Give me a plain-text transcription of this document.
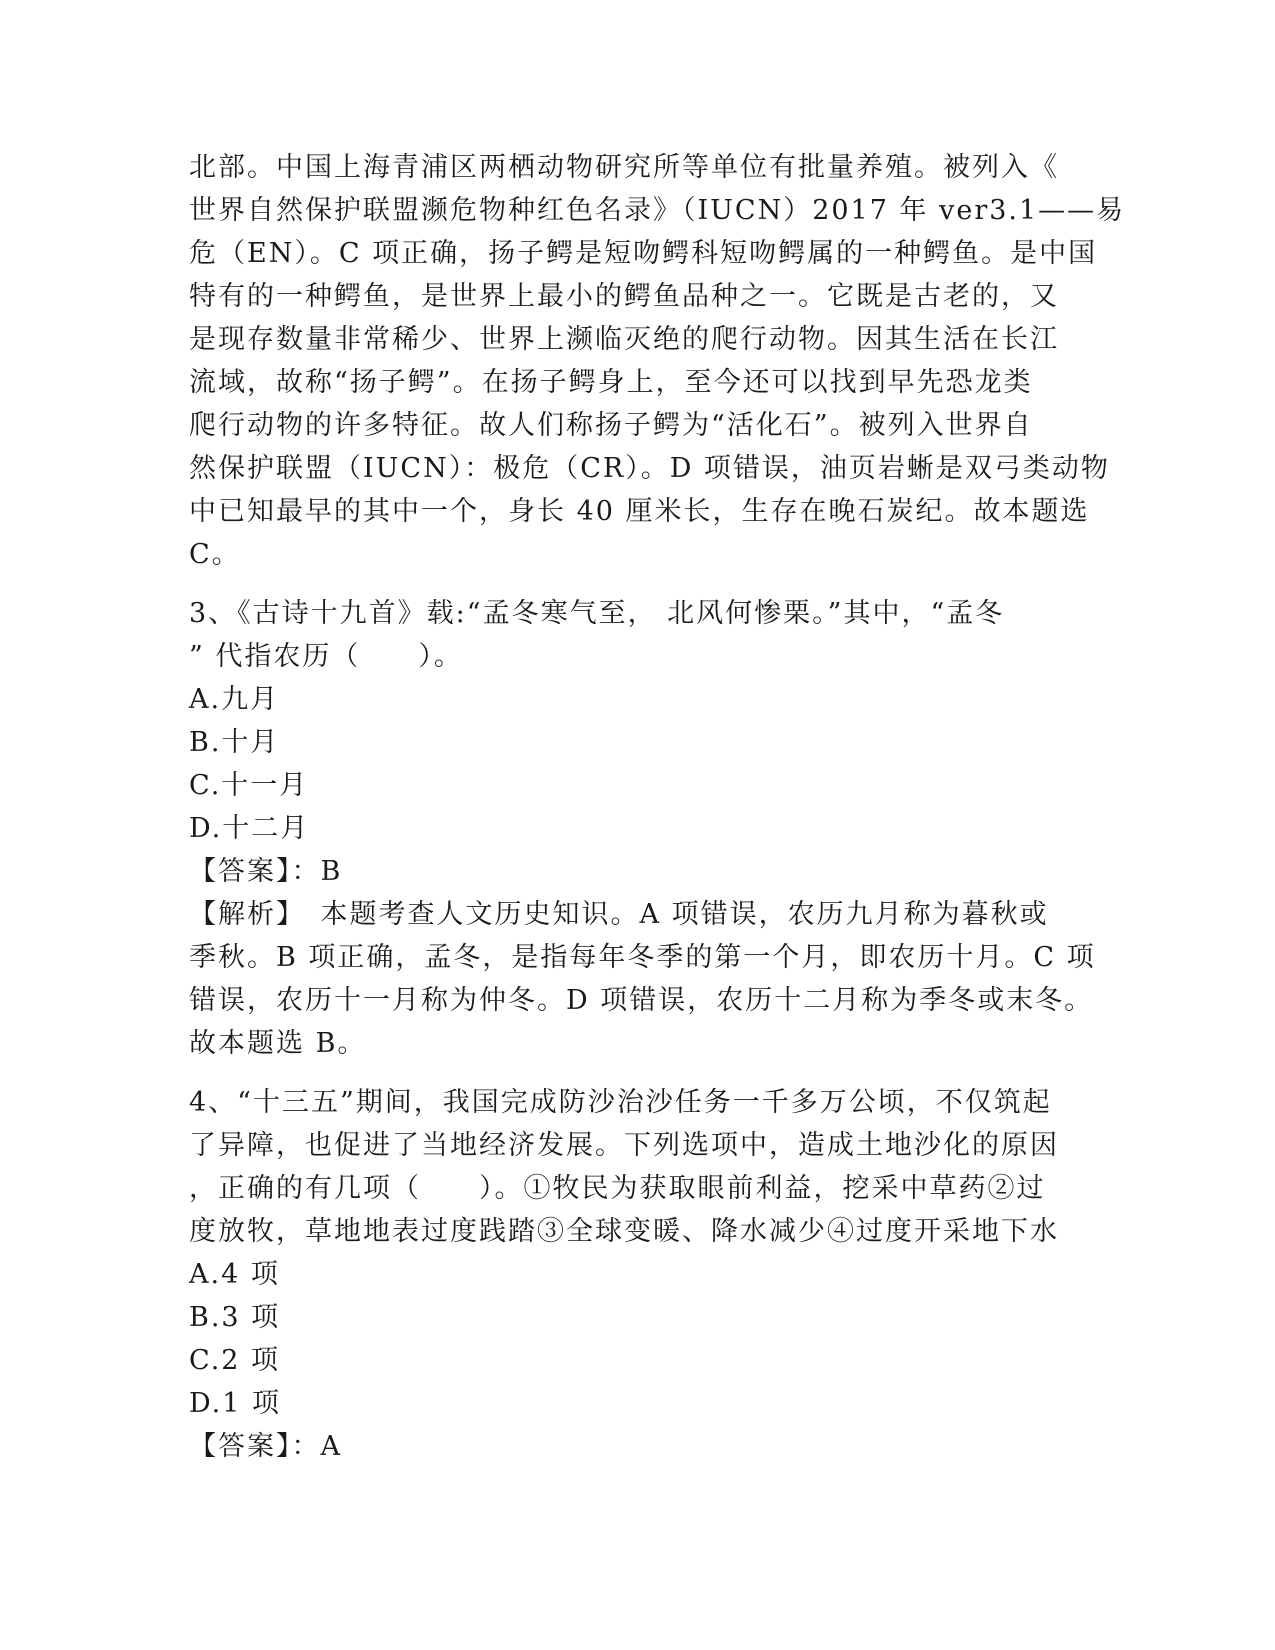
北部。中国上海青浦区两栖动物研究所等单位有批量养殖。被列入《
世界自然保护联盟濒危物种红色名录》（IUCN）2017 年 ver3.1——易
危（EN）。C 项正确，扬子鳄是短吻鳄科短吻鳄属的一种鳄鱼。是中国
特有的一种鳄鱼，是世界上最小的鳄鱼品种之一。它既是古老的，又
是现存数量非常稀少、世界上濒临灭绝的爬行动物。因其生活在长江
流域，故称“扬子鳄”。在扬子鳄身上，至今还可以找到早先恐龙类
爬行动物的许多特征。故人们称扬子鳄为“活化石”。被列入世界自
然保护联盟（IUCN）：极危（CR）。D 项错误，油页岩蜥是双弓类动物
中已知最早的其中一个，身长 40 厘米长，生存在晚石炭纪。故本题选
C。
3、《古诗十九首》载:“孟冬寒气至， 北风何惨栗。”其中，“孟冬
” 代指农历（　　）。
A.九月
B.十月
C.十一月
D.十二月
【答案】：B
【解析】　本题考查人文历史知识。A 项错误，农历九月称为暮秋或
季秋。B 项正确，孟冬，是指每年冬季的第一个月，即农历十月。C 项
错误，农历十一月称为仲冬。D 项错误，农历十二月称为季冬或末冬。
故本题选 B。
4、“十三五”期间，我国完成防沙治沙任务一千多万公顷，不仅筑起
了异障，也促进了当地经济发展。下列选项中，造成土地沙化的原因
，正确的有几项（　　）。①牧民为获取眼前利益，挖采中草药②过
度放牧，草地地表过度践踏③全球变暖、降水减少④过度开采地下水
A.4 项
B.3 项
C.2 项
D.1 项
【答案】：A
